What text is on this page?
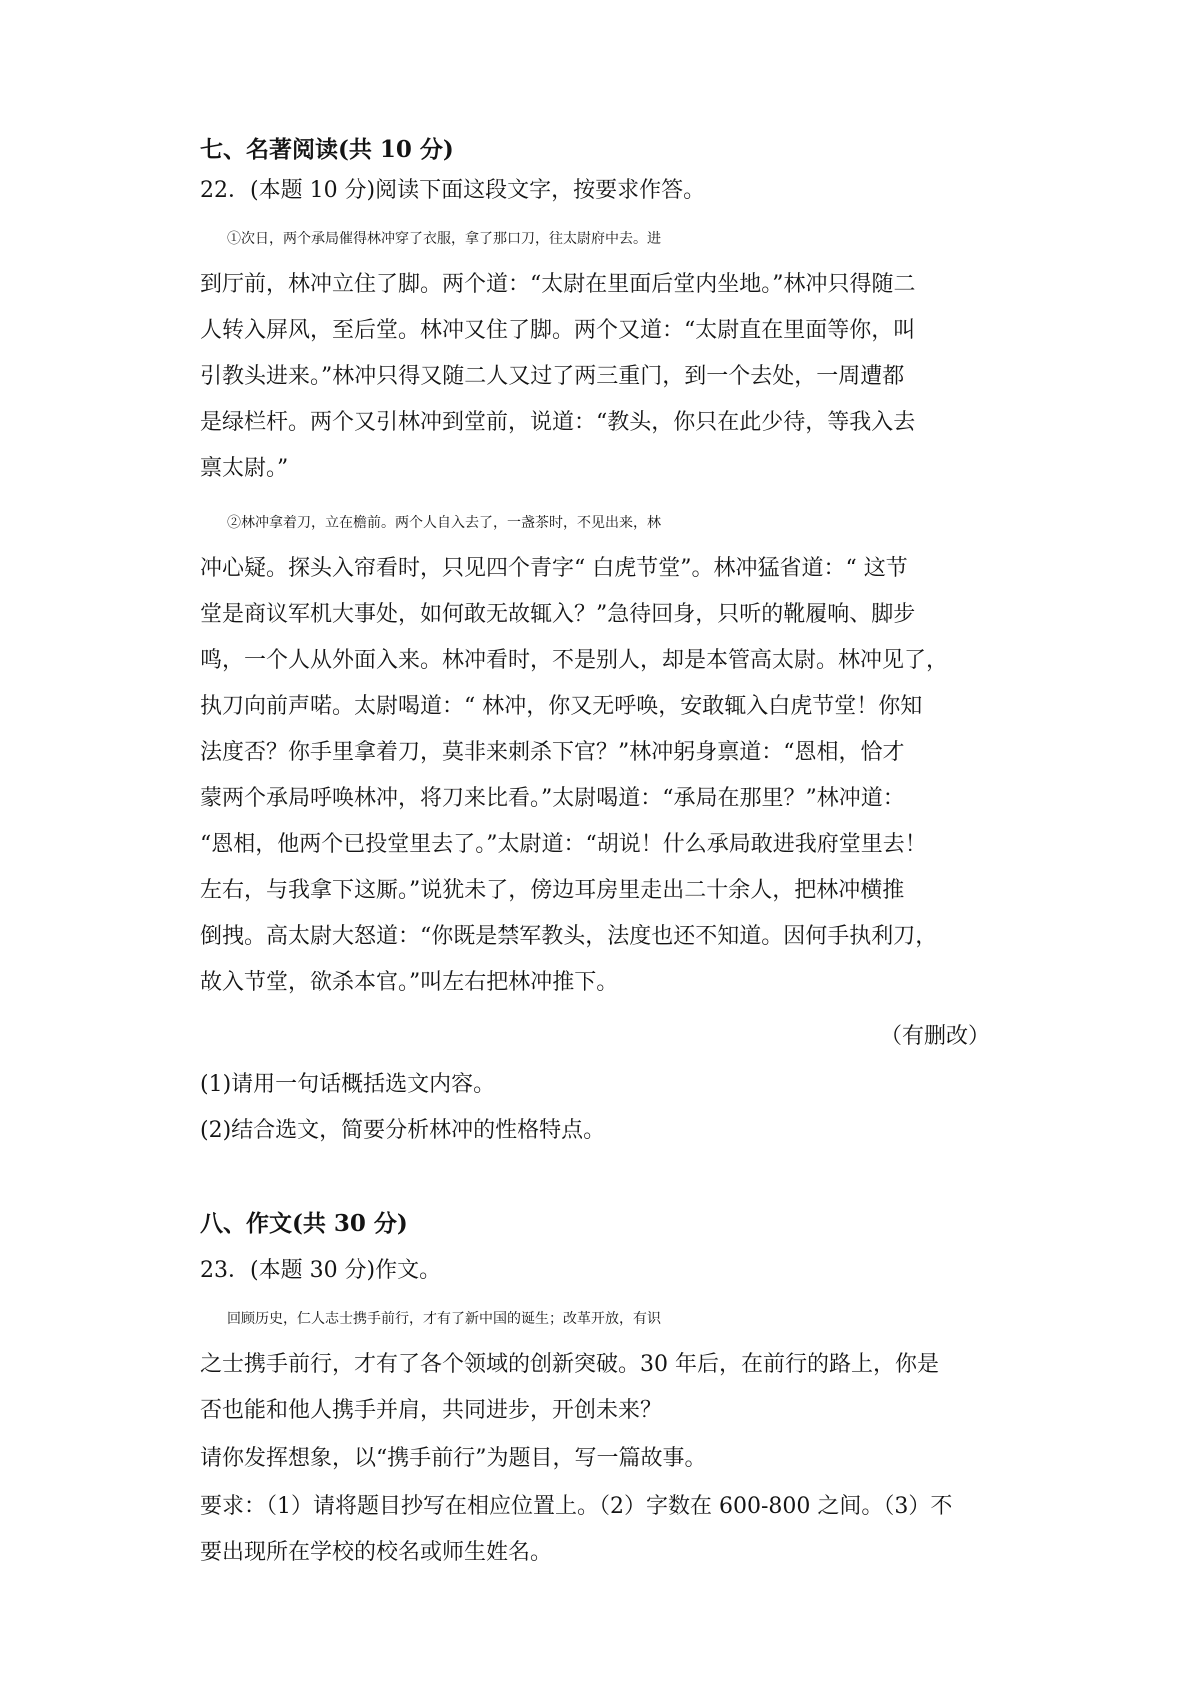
七、名著阅读(共 10 分)
22．(本题 10 分)阅读下面这段文字，按要求作答。
①次日，两个承局催得林冲穿了衣服，拿了那口刀，往太尉府中去。进
到厅前，林冲立住了脚。两个道：“太尉在里面后堂内坐地。”林冲只得随二
人转入屏风，至后堂。林冲又住了脚。两个又道：“太尉直在里面等你，叫
引教头进来。”林冲只得又随二人又过了两三重门，到一个去处，一周遭都
是绿栏杆。两个又引林冲到堂前，说道：“教头，你只在此少待，等我入去
禀太尉。”
②林冲拿着刀，立在檐前。两个人自入去了，一盏茶时，不见出来，林
冲心疑。探头入帘看时，只见四个青字“ 白虎节堂”。林冲猛省道：“ 这节
堂是商议军机大事处，如何敢无故辄入？”急待回身，只听的靴履响、脚步
鸣，一个人从外面入来。林冲看时，不是别人，却是本管高太尉。林冲见了，
执刀向前声喏。太尉喝道：“ 林冲，你又无呼唤，安敢辄入白虎节堂！你知
法度否？你手里拿着刀，莫非来刺杀下官？”林冲躬身禀道：“恩相，恰才
蒙两个承局呼唤林冲，将刀来比看。”太尉喝道：“承局在那里？”林冲道：
“恩相，他两个已投堂里去了。”太尉道：“胡说！什么承局敢进我府堂里去！
左右，与我拿下这厮。”说犹未了，傍边耳房里走出二十余人，把林冲横推
倒拽。高太尉大怒道：“你既是禁军教头，法度也还不知道。因何手执利刀，
故入节堂，欲杀本官。”叫左右把林冲推下。
（有删改）
(1)请用一句话概括选文内容。
(2)结合选文，简要分析林冲的性格特点。
八、作文(共 30 分)
23．(本题 30 分)作文。
回顾历史，仁人志士携手前行，才有了新中国的诞生；改革开放，有识
之士携手前行，才有了各个领域的创新突破。30 年后，在前行的路上，你是
否也能和他人携手并肩，共同进步，开创未来？
请你发挥想象，以“携手前行”为题目，写一篇故事。
要求：（1）请将题目抄写在相应位置上。（2）字数在 600-800 之间。（3）不
要出现所在学校的校名或师生姓名。
